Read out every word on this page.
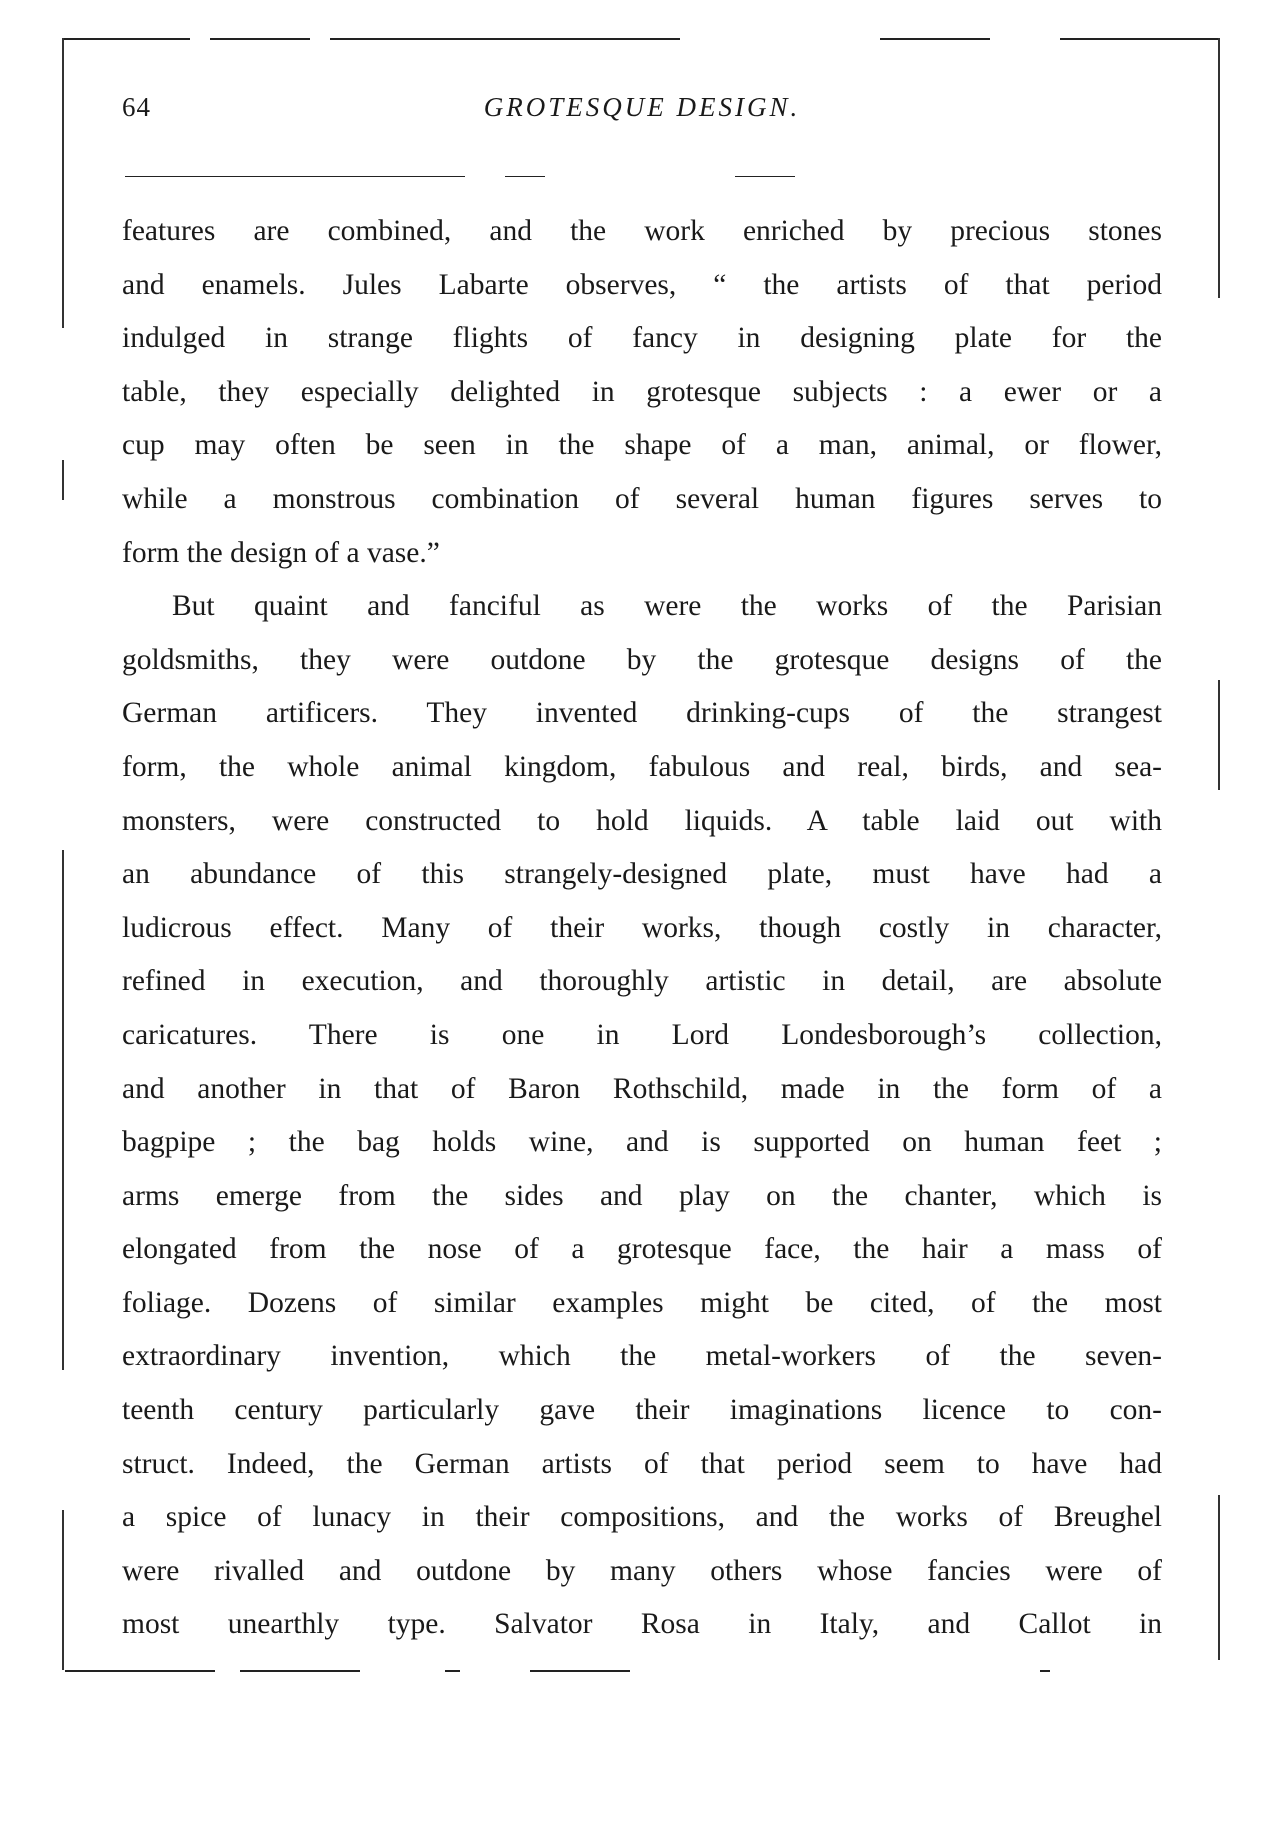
64	GROTESQUE DESIGN.
features are combined, and the work enriched by precious stones
and enamels. Jules Labarte observes, “ the artists of that period
indulged in strange flights of fancy in designing plate for the
table, they especially delighted in grotesque subjects : a ewer or a
cup may often be seen in the shape of a man, animal, or flower,
while a monstrous combination of several human figures serves to
form the design of a vase.”
But quaint and fanciful as were the works of the Parisian
goldsmiths, they were outdone by the grotesque designs of the
German artificers. They invented drinking-cups of the strangest
form, the whole animal kingdom, fabulous and real, birds, and sea-
monsters, were constructed to hold liquids. A table laid out with
an abundance of this strangely-designed plate, must have had a
ludicrous effect. Many of their works, though costly in character,
refined in execution, and thoroughly artistic in detail, are absolute
caricatures. There is one in Lord Londesborough’s collection,
and another in that of Baron Rothschild, made in the form of a
bagpipe ; the bag holds wine, and is supported on human feet ;
arms emerge from the sides and play on the chanter, which is
elongated from the nose of a grotesque face, the hair a mass of
foliage. Dozens of similar examples might be cited, of the most
extraordinary invention, which the metal-workers of the seven-
teenth century particularly gave their imaginations licence to con-
struct. Indeed, the German artists of that period seem to have had
a spice of lunacy in their compositions, and the works of Breughel
were rivalled and outdone by many others whose fancies were of
most unearthly type. Salvator Rosa in Italy, and Callot in
